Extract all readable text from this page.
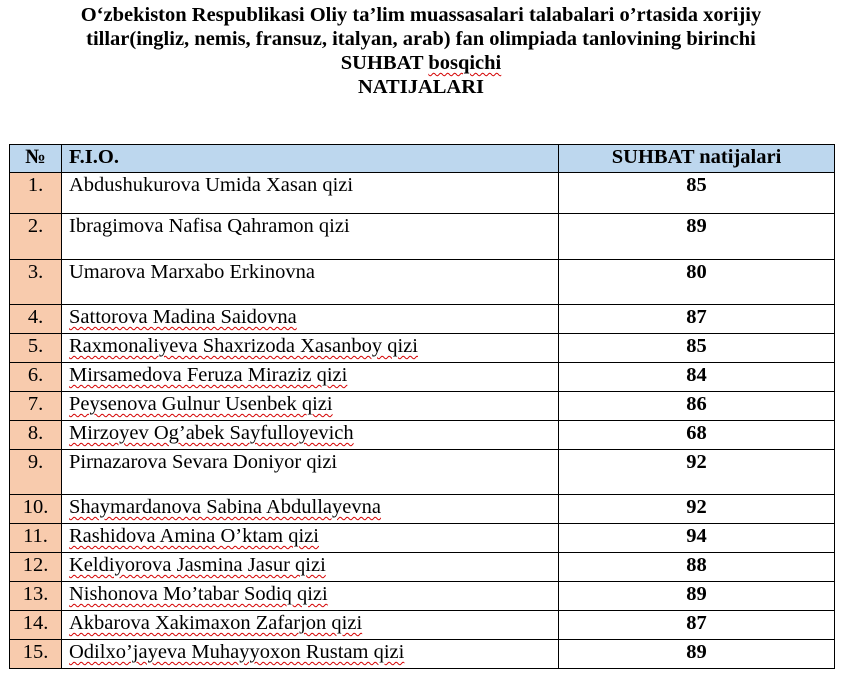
O‘zbekiston Respublikasi Oliy ta’lim muassasalari talabalari o’rtasida xorijiy
tillar(ingliz, nemis, fransuz, italyan, arab) fan olimpiada tanlovining birinchi
SUHBAT bosqichi
NATIJALARI
№	F.I.O.	SUHBAT natijalari
1.	Abdushukurova Umida Xasan qizi	85
2.	Ibragimova Nafisa Qahramon qizi	89
3.	Umarova Marxabo Erkinovna	80
4.	Sattorova Madina Saidovna	87
5.	Raxmonaliyeva Shaxrizoda Xasanboy qizi	85
6.	Mirsamedova Feruza Miraziz qizi	84
7.	Peysenova Gulnur Usenbek qizi	86
8.	Mirzoyev Og’abek Sayfulloyevich	68
9.	Pirnazarova Sevara Doniyor qizi	92
10.	Shaymardanova Sabina Abdullayevna	92
11.	Rashidova Amina O’ktam qizi	94
12.	Keldiyorova Jasmina Jasur qizi	88
13.	Nishonova Mo’tabar Sodiq qizi	89
14.	Akbarova Xakimaxon Zafarjon qizi	87
15.	Odilxo’jayeva Muhayyoxon Rustam qizi	89
